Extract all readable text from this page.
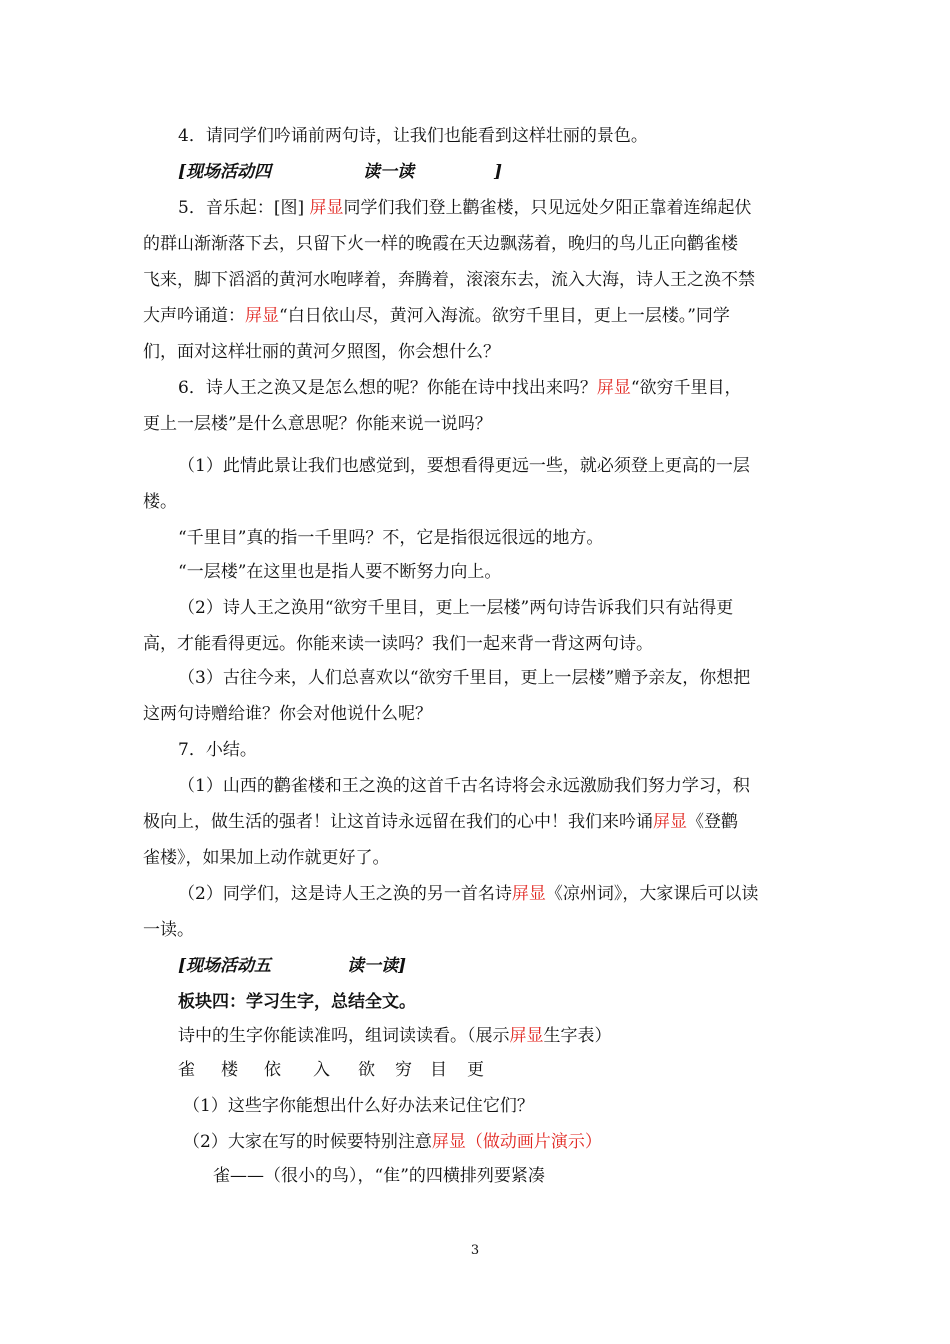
4．请同学们吟诵前两句诗，让我们也能看到这样壮丽的景色。
[现场活动四	读一读	]
5．音乐起：[图] 屏显同学们我们登上鹳雀楼，只见远处夕阳正靠着连绵起伏
的群山渐渐落下去，只留下火一样的晚霞在天边飘荡着，晚归的鸟儿正向鹳雀楼
飞来，脚下滔滔的黄河水咆哮着，奔腾着，滚滚东去，流入大海，诗人王之涣不禁
大声吟诵道：屏显“白日依山尽，黄河入海流。欲穷千里目，更上一层楼。”同学
们，面对这样壮丽的黄河夕照图，你会想什么？
6．诗人王之涣又是怎么想的呢？你能在诗中找出来吗？屏显“欲穷千里目，
更上一层楼”是什么意思呢？你能来说一说吗？
（1）此情此景让我们也感觉到，要想看得更远一些，就必须登上更高的一层
楼。
“千里目”真的指一千里吗？不，它是指很远很远的地方。
“一层楼”在这里也是指人要不断努力向上。
（2）诗人王之涣用“欲穷千里目，更上一层楼”两句诗告诉我们只有站得更
高，才能看得更远。你能来读一读吗？我们一起来背一背这两句诗。
（3）古往今来，人们总喜欢以“欲穷千里目，更上一层楼”赠予亲友，你想把
这两句诗赠给谁？你会对他说什么呢？
7．小结。
（1）山西的鹳雀楼和王之涣的这首千古名诗将会永远激励我们努力学习，积
极向上，做生活的强者！让这首诗永远留在我们的心中！我们来吟诵屏显《登鹳
雀楼》，如果加上动作就更好了。
（2）同学们，这是诗人王之涣的另一首名诗屏显《凉州词》，大家课后可以读
一读。
[现场活动五	读一读]
板块四：学习生字，总结全文。
诗中的生字你能读准吗，组词读读看。（展示屏显生字表）
雀 楼 依 入 欲 穷 目 更
（1）这些字你能想出什么好办法来记住它们？
（2）大家在写的时候要特别注意屏显（做动画片演示）
雀——（很小的鸟），“隹”的四横排列要紧凑
3
